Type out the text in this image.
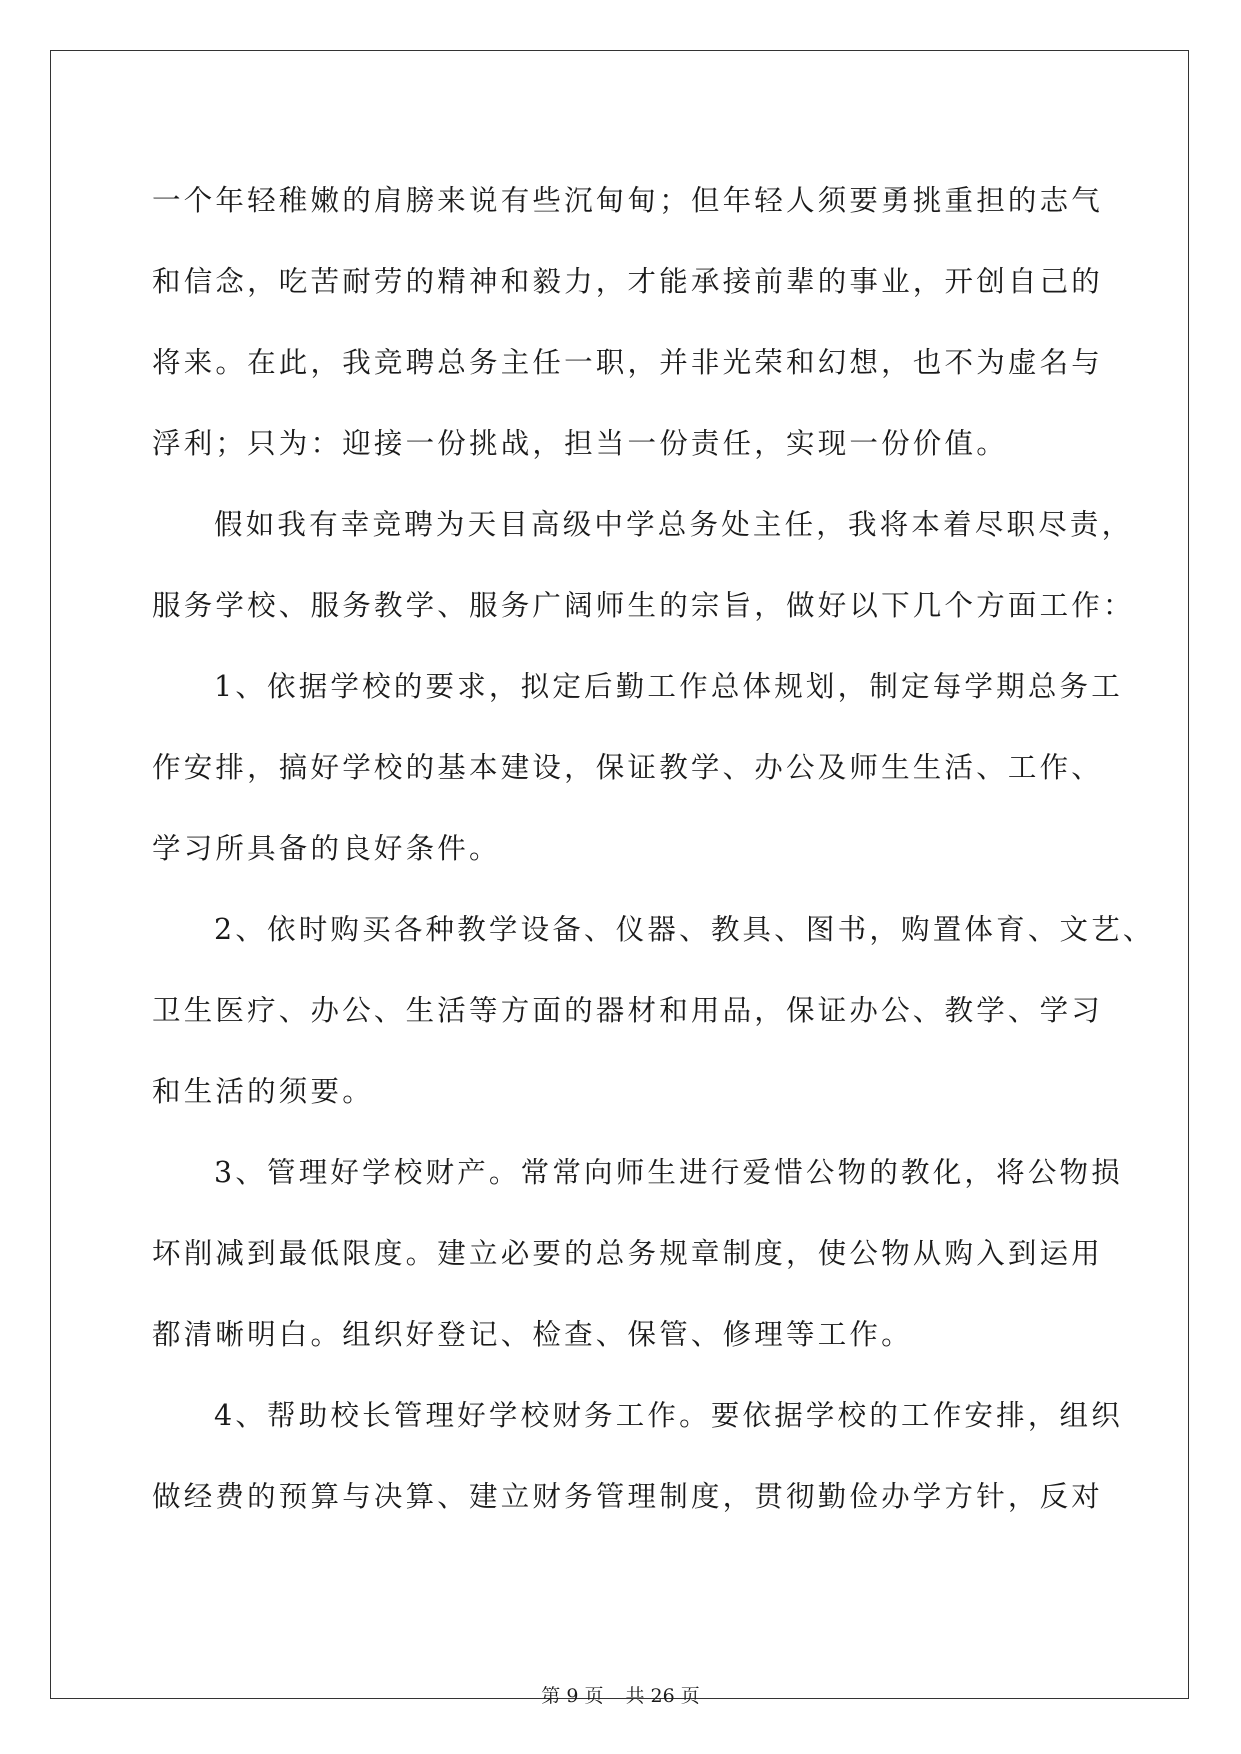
一个年轻稚嫩的肩膀来说有些沉甸甸；但年轻人须要勇挑重担的志气

和信念，吃苦耐劳的精神和毅力，才能承接前辈的事业，开创自己的

将来。在此，我竞聘总务主任一职，并非光荣和幻想，也不为虚名与

浮利；只为：迎接一份挑战，担当一份责任，实现一份价值。

假如我有幸竞聘为天目高级中学总务处主任，我将本着尽职尽责，

服务学校、服务教学、服务广阔师生的宗旨，做好以下几个方面工作：

1、依据学校的要求，拟定后勤工作总体规划，制定每学期总务工

作安排，搞好学校的基本建设，保证教学、办公及师生生活、工作、

学习所具备的良好条件。

2、依时购买各种教学设备、仪器、教具、图书，购置体育、文艺、

卫生医疗、办公、生活等方面的器材和用品，保证办公、教学、学习

和生活的须要。

3、管理好学校财产。常常向师生进行爱惜公物的教化，将公物损

坏削减到最低限度。建立必要的总务规章制度，使公物从购入到运用

都清晰明白。组织好登记、检查、保管、修理等工作。

4、帮助校长管理好学校财务工作。要依据学校的工作安排，组织

做经费的预算与决算、建立财务管理制度，贯彻勤俭办学方针，反对

第 9 页 共 26 页
